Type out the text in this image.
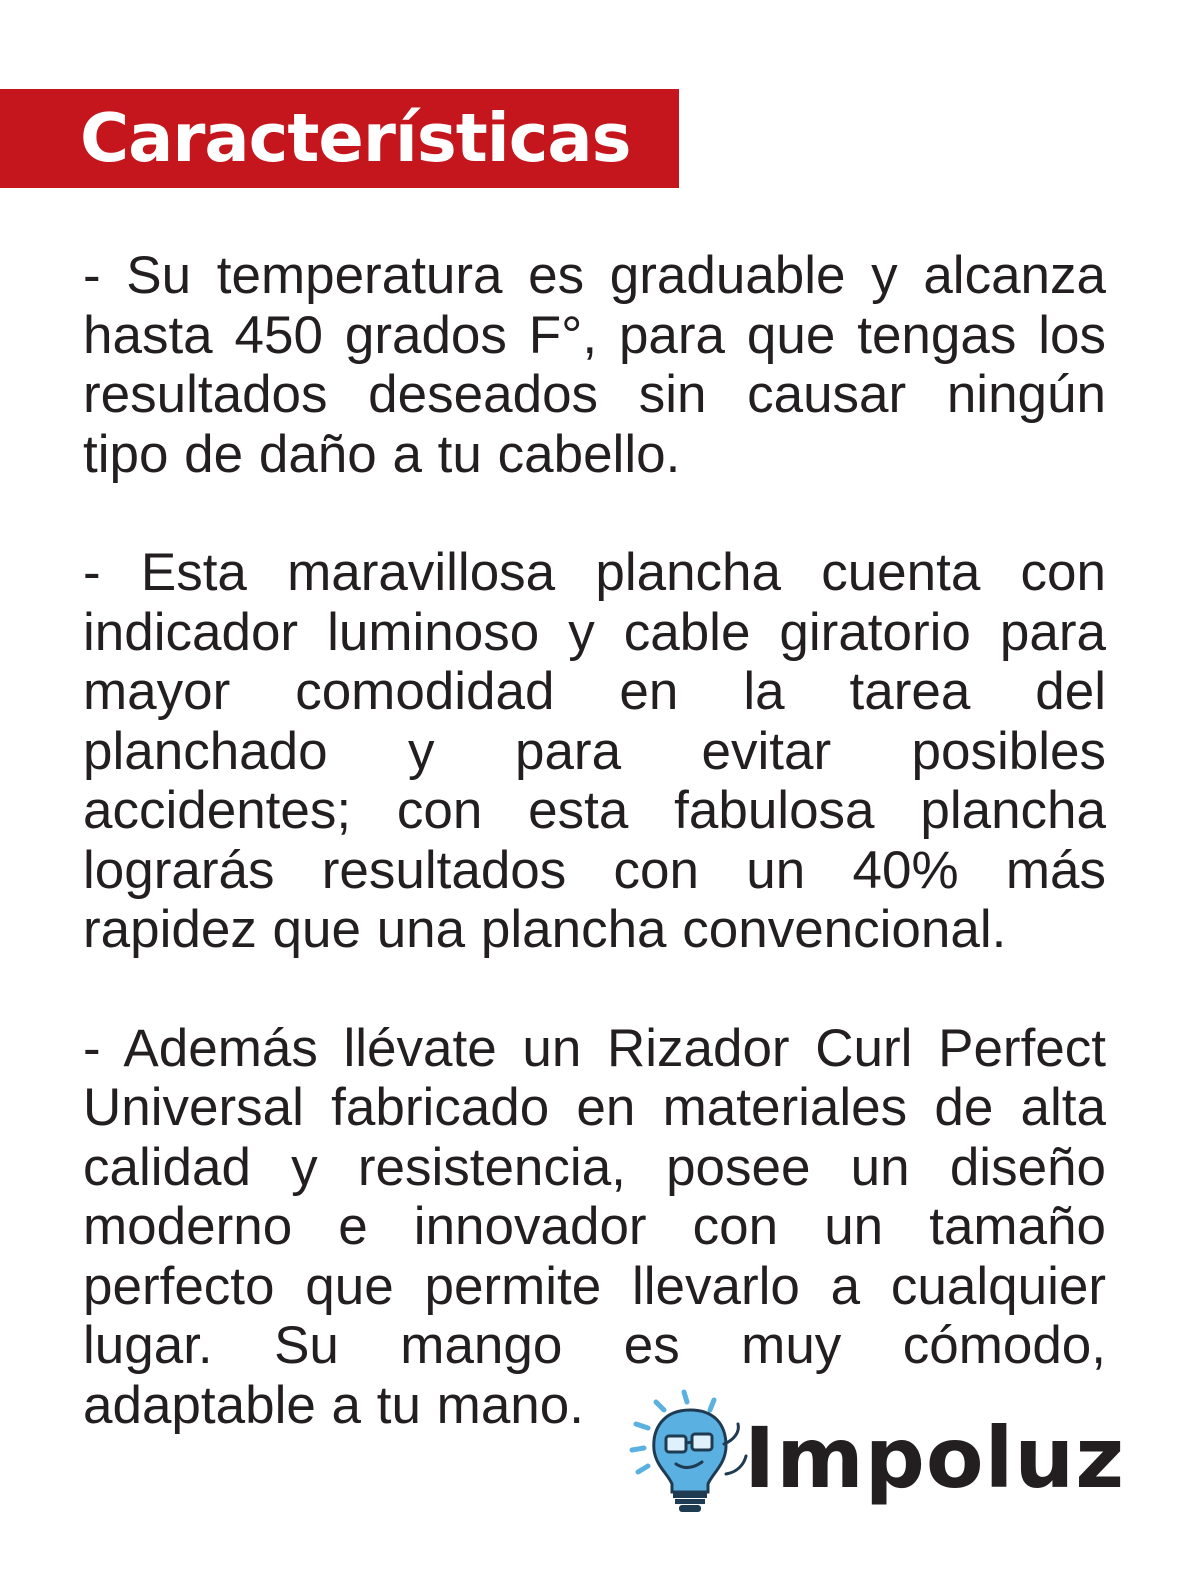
Características

- Su temperatura es graduable y alcanza hasta 450 grados F°, para que tengas los resultados deseados sin causar ningún tipo de daño a tu cabello.

- Esta maravillosa plancha cuenta con indicador luminoso y cable giratorio para mayor comodidad en la tarea del planchado y para evitar posibles accidentes; con esta fabulosa plancha lograrás resultados con un 40% más rapidez que una plancha convencional.

- Además llévate un Rizador Curl Perfect Universal fabricado en materiales de alta calidad y resistencia, posee un diseño moderno e innovador con un tamaño perfecto que permite llevarlo a cualquier lugar. Su mango es muy cómodo, adaptable a tu mano.

Impoluz
